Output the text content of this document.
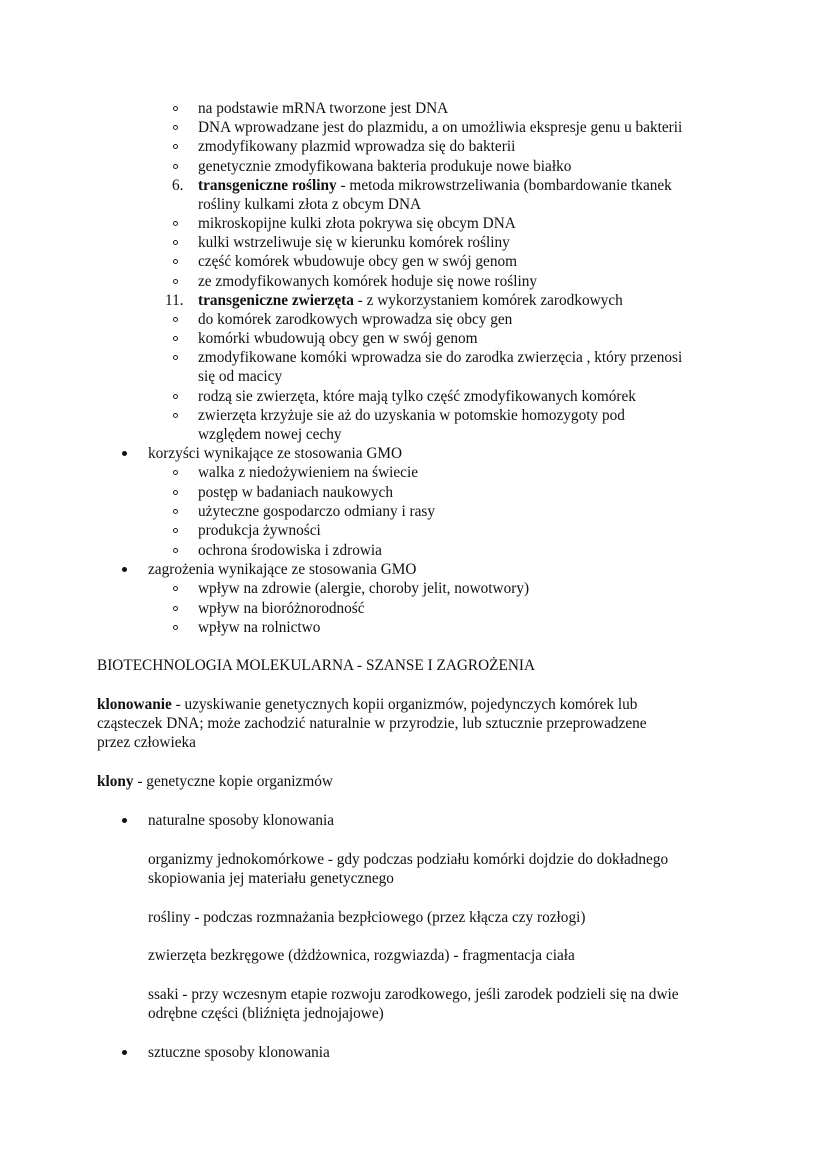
na podstawie mRNA tworzone jest DNA
DNA wprowadzane jest do plazmidu, a on umożliwia ekspresje genu u bakterii
zmodyfikowany plazmid wprowadza się do bakterii
genetycznie zmodyfikowana bakteria produkuje nowe białko
6. transgeniczne rośliny - metoda mikrowstrzeliwania (bombardowanie tkanek
rośliny kulkami złota z obcym DNA
mikroskopijne kulki złota pokrywa się obcym DNA
kulki wstrzeliwuje się w kierunku komórek rośliny
część komórek wbudowuje obcy gen w swój genom
ze zmodyfikowanych komórek hoduje się nowe rośliny
11. transgeniczne zwierzęta - z wykorzystaniem komórek zarodkowych
do komórek zarodkowych wprowadza się obcy gen
komórki wbudowują obcy gen w swój genom
zmodyfikowane komóki wprowadza sie do zarodka zwierzęcia , który przenosi
się od macicy
rodzą sie zwierzęta, które mają tylko część zmodyfikowanych komórek
zwierzęta krzyżuje sie aż do uzyskania w potomskie homozygoty pod
względem nowej cechy
korzyści wynikające ze stosowania GMO
walka z niedożywieniem na świecie
postęp w badaniach naukowych
użyteczne gospodarczo odmiany i rasy
produkcja żywności
ochrona środowiska i zdrowia
zagrożenia wynikające ze stosowania GMO
wpływ na zdrowie (alergie, choroby jelit, nowotwory)
wpływ na bioróżnorodność
wpływ na rolnictwo
BIOTECHNOLOGIA MOLEKULARNA - SZANSE I ZAGROŻENIA
klonowanie - uzyskiwanie genetycznych kopii organizmów, pojedynczych komórek lub
cząsteczek DNA; może zachodzić naturalnie w przyrodzie, lub sztucznie przeprowadzene
przez człowieka
klony - genetyczne kopie organizmów
naturalne sposoby klonowania
organizmy jednokomórkowe - gdy podczas podziału komórki dojdzie do dokładnego
skopiowania jej materiału genetycznego
rośliny - podczas rozmnażania bezpłciowego (przez kłącza czy rozłogi)
zwierzęta bezkręgowe (dżdżownica, rozgwiazda) - fragmentacja ciała
ssaki - przy wczesnym etapie rozwoju zarodkowego, jeśli zarodek podzieli się na dwie
odrębne części (bliźnięta jednojajowe)
sztuczne sposoby klonowania
